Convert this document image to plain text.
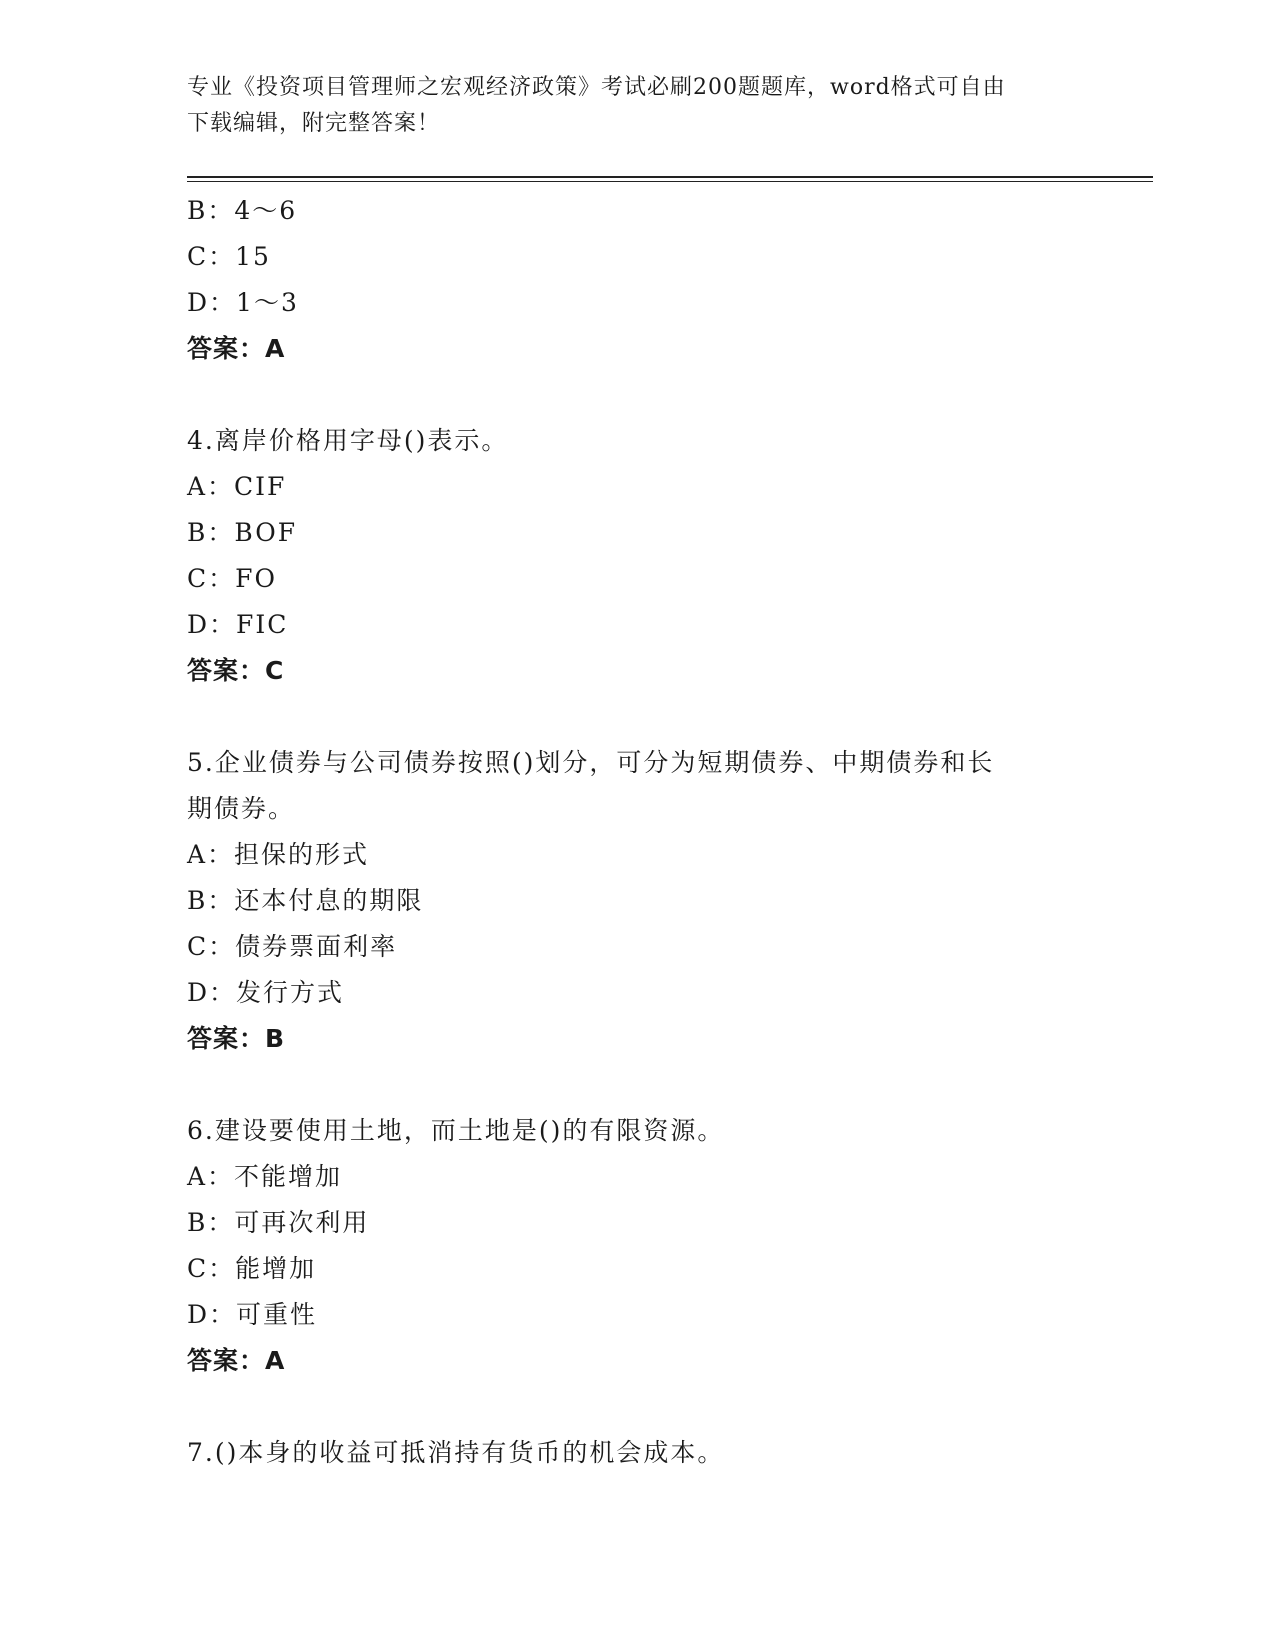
专业《投资项目管理师之宏观经济政策》考试必刷200题题库，word格式可自由
下载编辑，附完整答案！
B：4～6
C：15
D：1～3
答案：A
4.离岸价格用字母()表示。
A：CIF
B：BOF
C：FO
D：FIC
答案：C
5.企业债券与公司债券按照()划分，可分为短期债券、中期债券和长
期债券。
A：担保的形式
B：还本付息的期限
C：债券票面利率
D：发行方式
答案：B
6.建设要使用土地，而土地是()的有限资源。
A：不能增加
B：可再次利用
C：能增加
D：可重性
答案：A
7.()本身的收益可抵消持有货币的机会成本。
